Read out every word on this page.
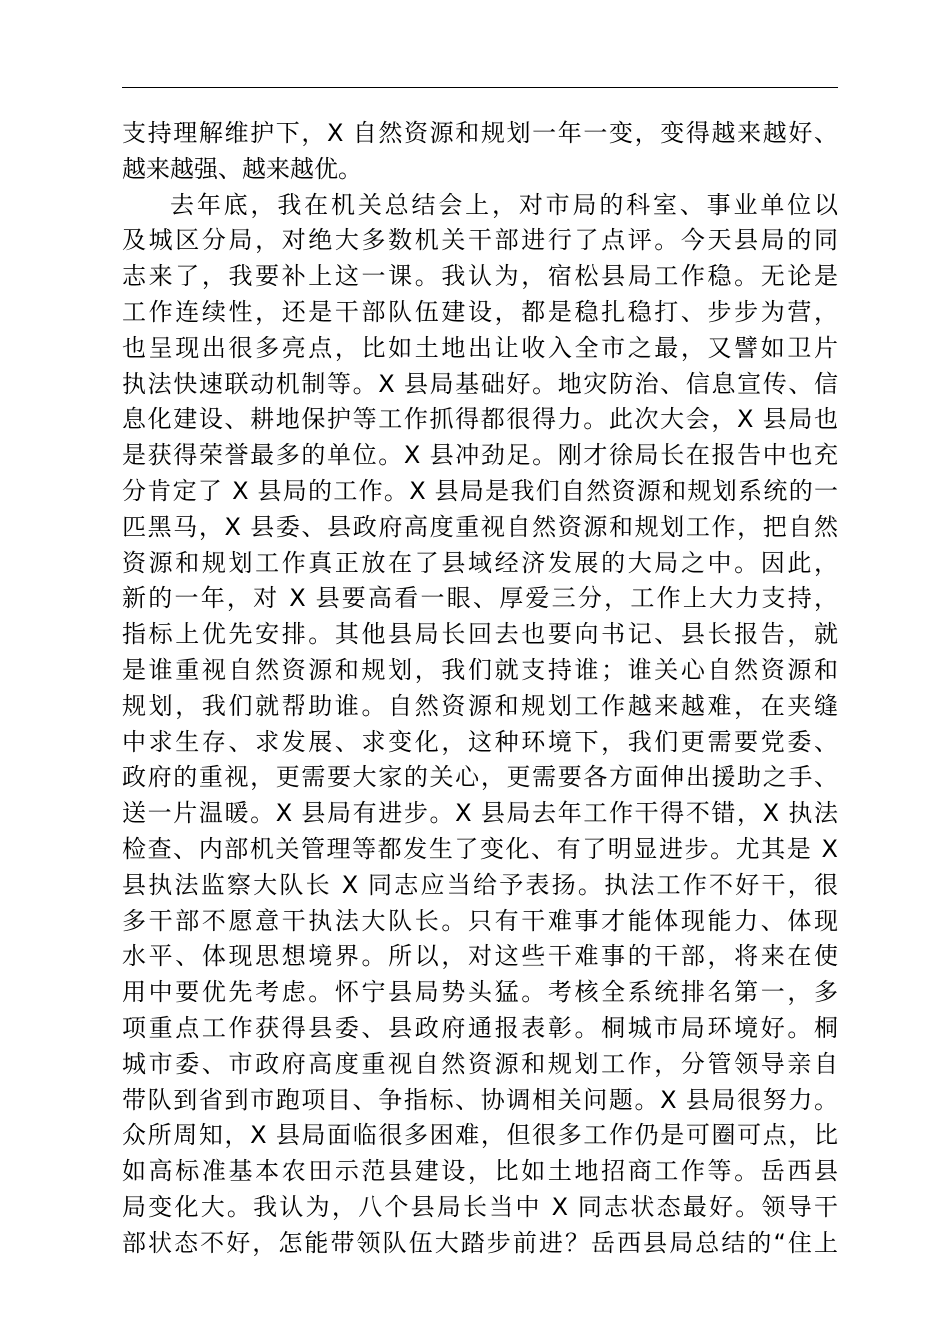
支持理解维护下，X 自然资源和规划一年一变，变得越来越好、
越来越强、越来越优。
去年底，我在机关总结会上，对市局的科室、事业单位以
及城区分局，对绝大多数机关干部进行了点评。今天县局的同
志来了，我要补上这一课。我认为，宿松县局工作稳。无论是
工作连续性，还是干部队伍建设，都是稳扎稳打、步步为营，
也呈现出很多亮点，比如土地出让收入全市之最，又譬如卫片
执法快速联动机制等。X 县局基础好。地灾防治、信息宣传、信
息化建设、耕地保护等工作抓得都很得力。此次大会，X 县局也
是获得荣誉最多的单位。X 县冲劲足。刚才徐局长在报告中也充
分肯定了 X 县局的工作。X 县局是我们自然资源和规划系统的一
匹黑马，X 县委、县政府高度重视自然资源和规划工作，把自然
资源和规划工作真正放在了县域经济发展的大局之中。因此，
新的一年，对 X 县要高看一眼、厚爱三分，工作上大力支持，
指标上优先安排。其他县局长回去也要向书记、县长报告，就
是谁重视自然资源和规划，我们就支持谁；谁关心自然资源和
规划，我们就帮助谁。自然资源和规划工作越来越难，在夹缝
中求生存、求发展、求变化，这种环境下，我们更需要党委、
政府的重视，更需要大家的关心，更需要各方面伸出援助之手、
送一片温暖。X 县局有进步。X 县局去年工作干得不错，X 执法
检查、内部机关管理等都发生了变化、有了明显进步。尤其是 X
县执法监察大队长 X 同志应当给予表扬。执法工作不好干，很
多干部不愿意干执法大队长。只有干难事才能体现能力、体现
水平、体现思想境界。所以，对这些干难事的干部，将来在使
用中要优先考虑。怀宁县局势头猛。考核全系统排名第一，多
项重点工作获得县委、县政府通报表彰。桐城市局环境好。桐
城市委、市政府高度重视自然资源和规划工作，分管领导亲自
带队到省到市跑项目、争指标、协调相关问题。X 县局很努力。
众所周知，X 县局面临很多困难，但很多工作仍是可圈可点，比
如高标准基本农田示范县建设，比如土地招商工作等。岳西县
局变化大。我认为，八个县局长当中 X 同志状态最好。领导干
部状态不好，怎能带领队伍大踏步前进？岳西县局总结的“住上
